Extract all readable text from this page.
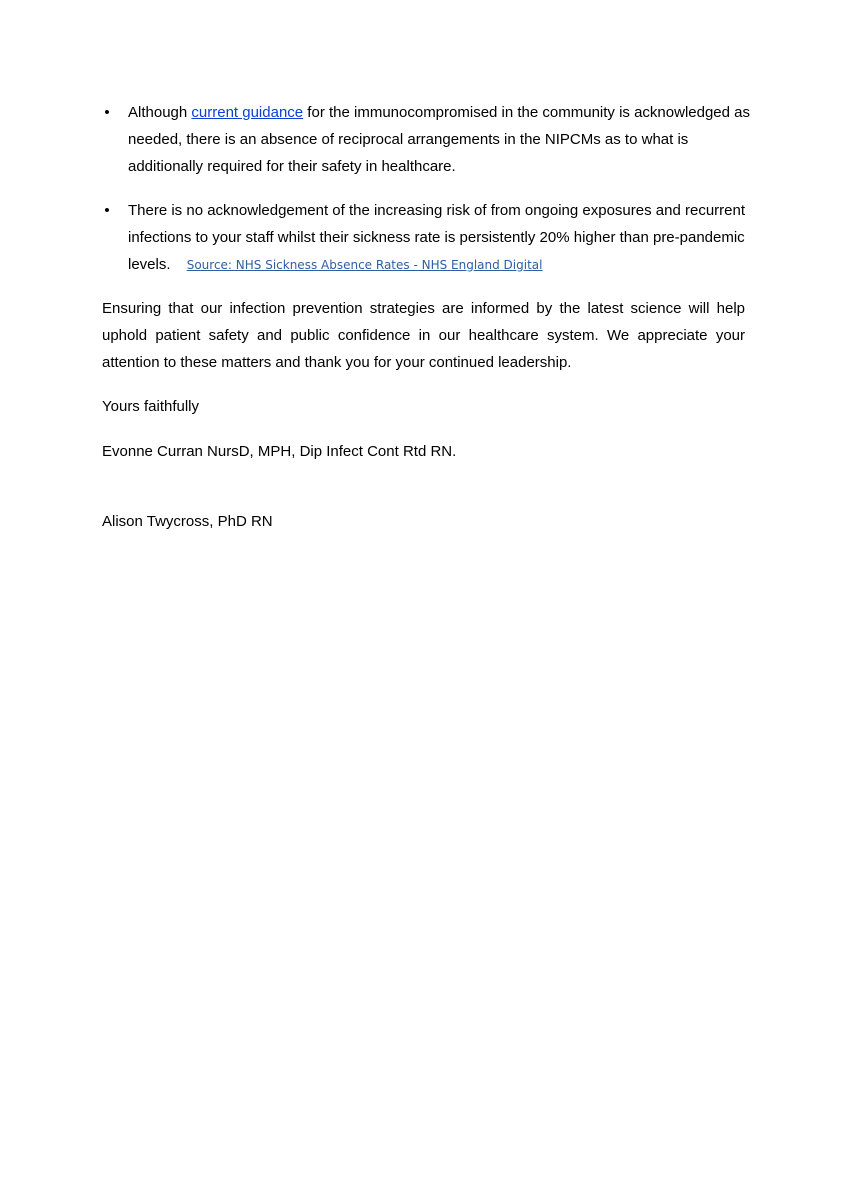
• Although current guidance for the immunocompromised in the community is acknowledged as needed, there is an absence of reciprocal arrangements in the NIPCMs as to what is additionally required for their safety in healthcare.
• There is no acknowledgement of the increasing risk of from ongoing exposures and recurrent infections to your staff whilst their sickness rate is persistently 20% higher than pre-pandemic levels. Source: NHS Sickness Absence Rates - NHS England Digital

Ensuring that our infection prevention strategies are informed by the latest science will help uphold patient safety and public confidence in our healthcare system. We appreciate your attention to these matters and thank you for your continued leadership.

Yours faithfully

Evonne Curran NursD, MPH, Dip Infect Cont Rtd RN.

Alison Twycross, PhD RN
